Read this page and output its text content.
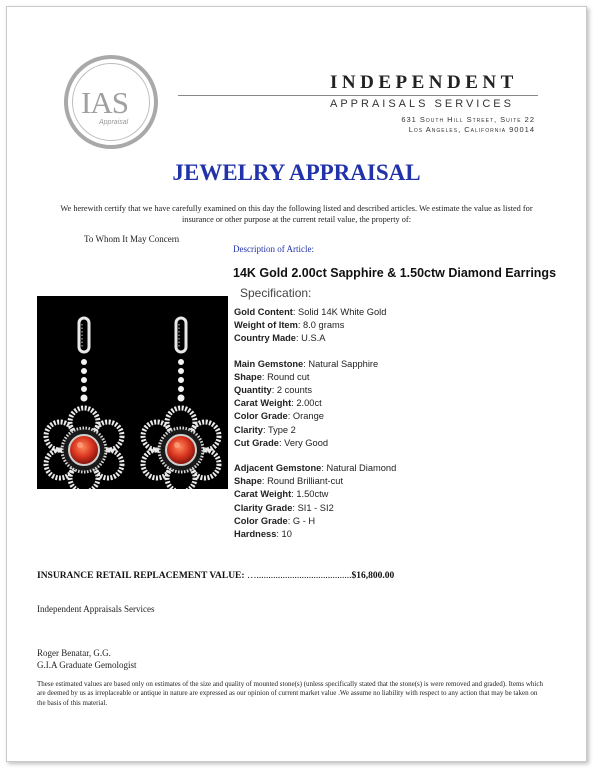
IAS
Appraisal
INDEPENDENT
APPRAISALS SERVICES
631 South Hill Street, Suite 22
Los Angeles, California 90014
JEWELRY APPRAISAL
We herewith certify that we have carefully examined on this day the following listed and described articles. We estimate the value as listed for insurance or other purpose at the current retail value, the property of:
To Whom It May Concern
Description of Article:
14K Gold 2.00ct Sapphire & 1.50ctw Diamond Earrings
Specification:
Gold Content: Solid 14K White Gold
Weight of Item: 8.0 grams
Country Made: U.S.A
Main Gemstone: Natural Sapphire
Shape: Round cut
Quantity: 2 counts
Carat Weight: 2.00ct
Color Grade: Orange
Clarity: Type 2
Cut Grade: Very Good
Adjacent Gemstone: Natural Diamond
Shape: Round Brilliant-cut
Carat Weight: 1.50ctw
Clarity Grade: SI1 - SI2
Color Grade: G - H
Hardness: 10
INSURANCE RETAIL REPLACEMENT VALUE: …........................................$16,800.00
Independent Appraisals Services
Roger Benatar, G.G.
G.I.A Graduate Gemologist
These estimated values are based only on estimates of the size and quality of mounted stone(s) (unless specifically stated that the stone(s) is were removed and graded). Items which are deemed by us as irreplaceable or antique in nature are expressed as our opinion of current market value .We assume no liability with respect to any action that may be taken on the basis of this material.
